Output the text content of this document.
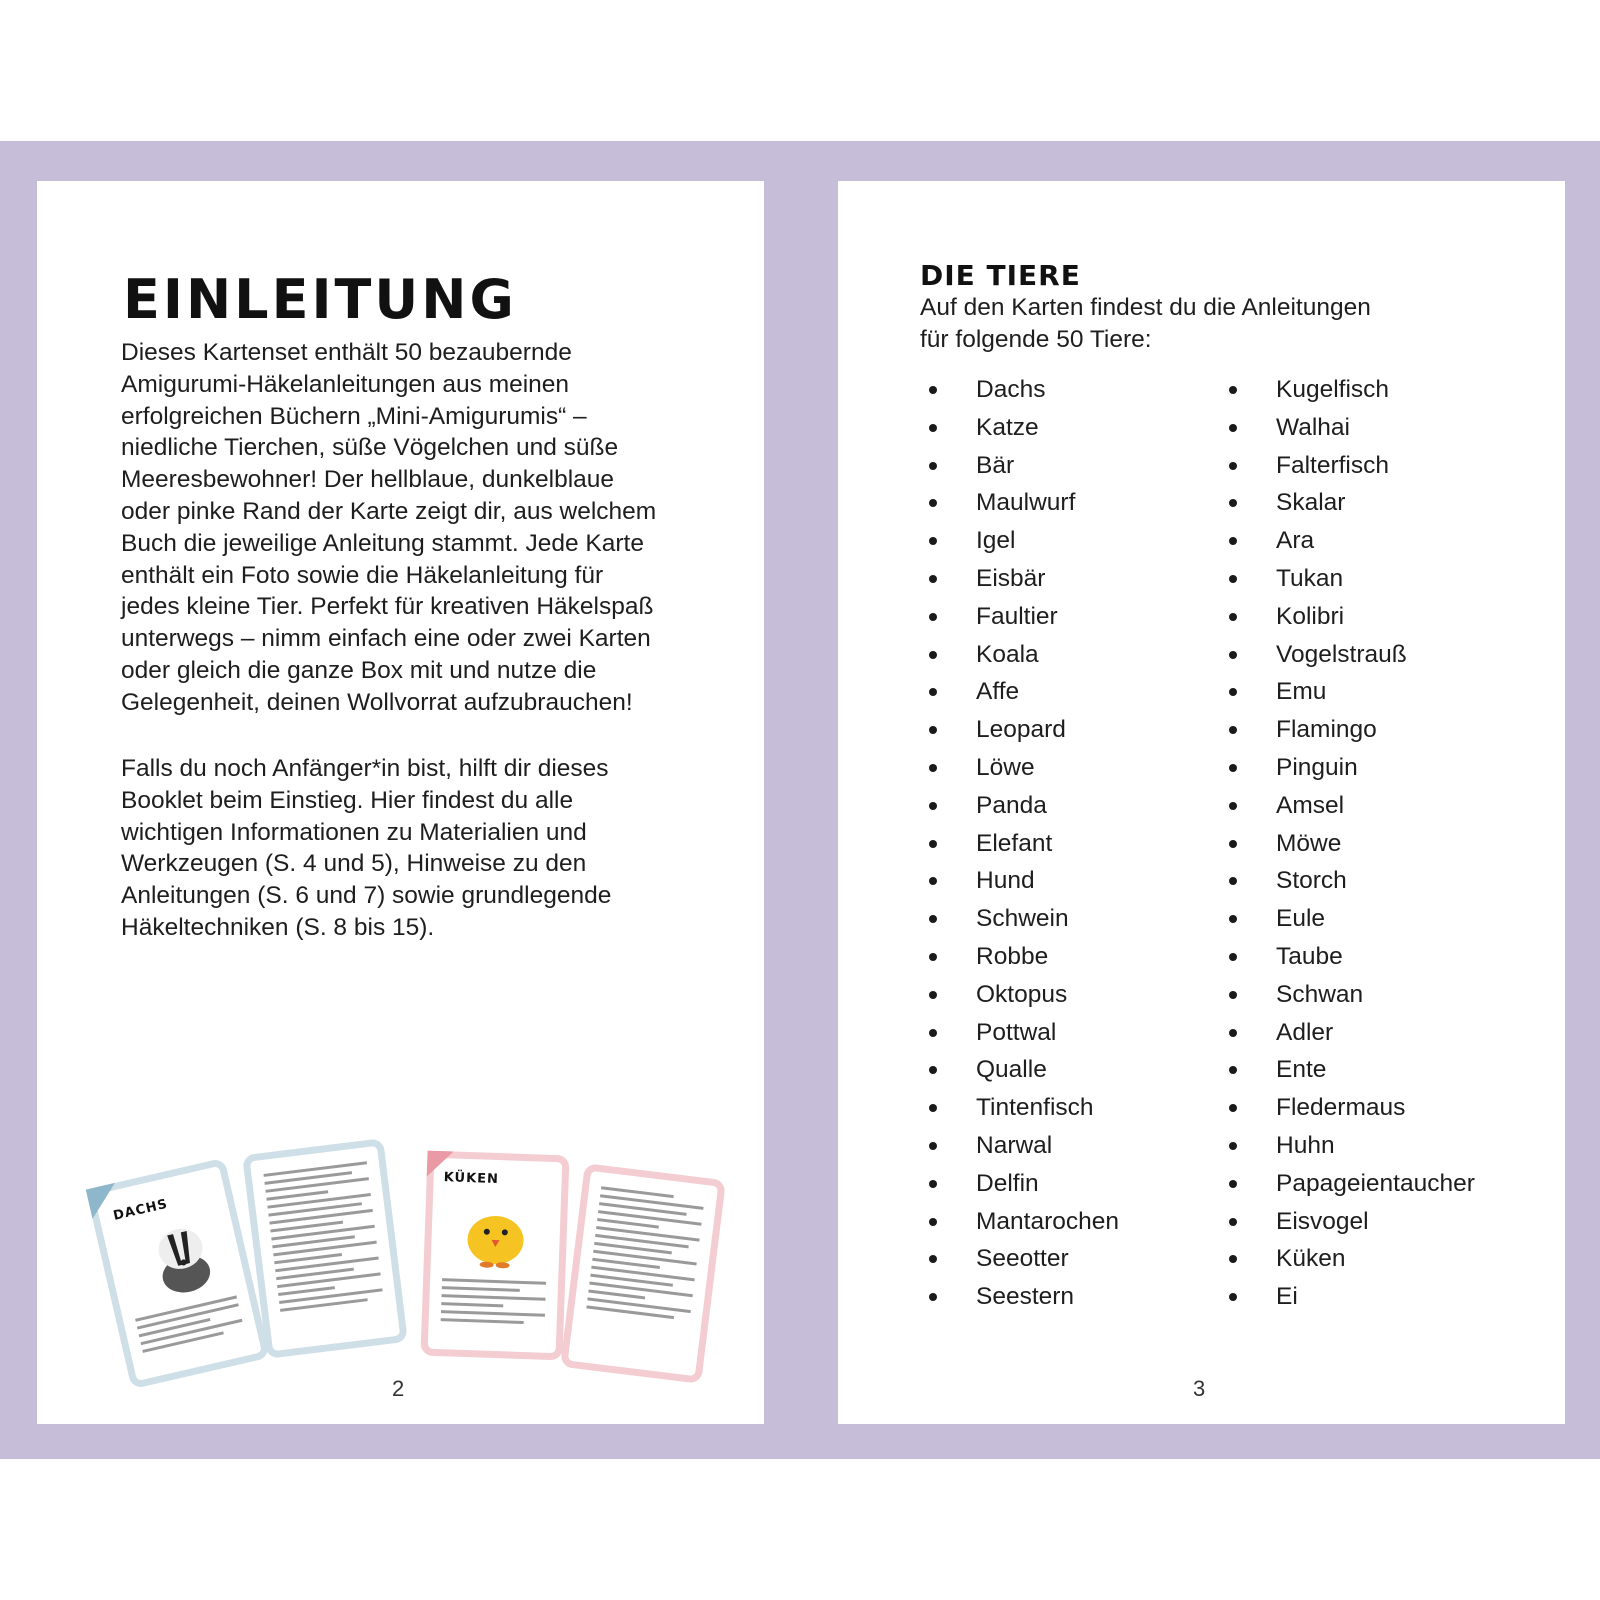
EINLEITUNG

Dieses Kartenset enthält 50 bezaubernde Amigurumi-Häkelanleitungen aus meinen erfolgreichen Büchern „Mini-Amigurumis“ – niedliche Tierchen, süße Vögelchen und süße Meeresbewohner! Der hellblaue, dunkelblaue oder pinke Rand der Karte zeigt dir, aus welchem Buch die jeweilige Anleitung stammt. Jede Karte enthält ein Foto sowie die Häkelanleitung für jedes kleine Tier. Perfekt für kreativen Häkelspaß unterwegs – nimm einfach eine oder zwei Karten oder gleich die ganze Box mit und nutze die Gelegenheit, deinen Wollvorrat aufzubrauchen!

Falls du noch Anfänger*in bist, hilft dir dieses Booklet beim Einstieg. Hier findest du alle wichtigen Informationen zu Materialien und Werkzeugen (S. 4 und 5), Hinweise zu den Anleitungen (S. 6 und 7) sowie grundlegende Häkeltechniken (S. 8 bis 15).

DACHS
KÜKEN
2
DIE TIERE

Auf den Karten findest du die Anleitungen für folgende 50 Tiere:

Dachs
Katze
Bär
Maulwurf
Igel
Eisbär
Faultier
Koala
Affe
Leopard
Löwe
Panda
Elefant
Hund
Schwein
Robbe
Oktopus
Pottwal
Qualle
Tintenfisch
Narwal
Delfin
Mantarochen
Seeotter
Seestern
Kugelfisch
Walhai
Falterfisch
Skalar
Ara
Tukan
Kolibri
Vogelstrauß
Emu
Flamingo
Pinguin
Amsel
Möwe
Storch
Eule
Taube
Schwan
Adler
Ente
Fledermaus
Huhn
Papageientaucher
Eisvogel
Küken
Ei
3
